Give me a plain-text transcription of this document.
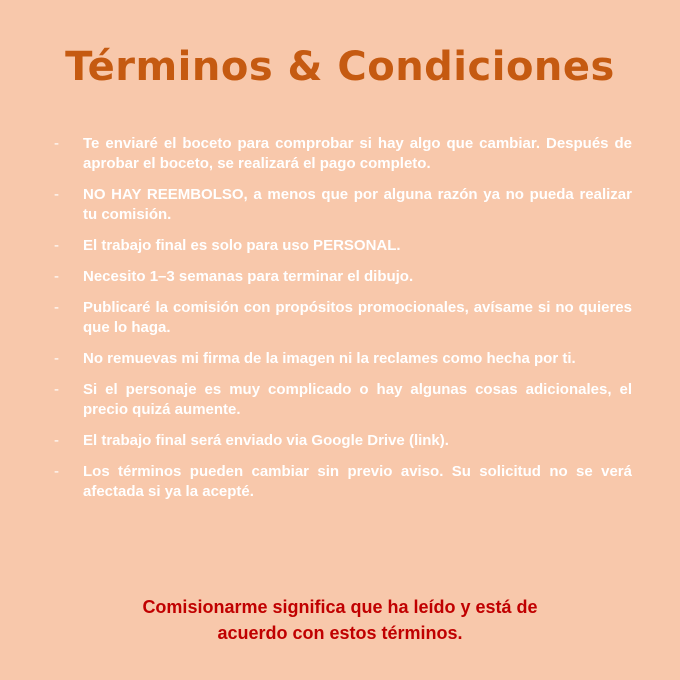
Términos & Condiciones
- Te enviaré el boceto para comprobar si hay algo que cambiar. Después de aprobar el boceto, se realizará el pago completo.
- NO HAY REEMBOLSO, a menos que por alguna razón ya no pueda realizar tu comisión.
- El trabajo final es solo para uso PERSONAL.
- Necesito 1–3 semanas para terminar el dibujo.
- Publicaré la comisión con propósitos promocionales, avísame si no quieres que lo haga.
- No remuevas mi firma de la imagen ni la reclames como hecha por ti.
- Si el personaje es muy complicado o hay algunas cosas adicionales, el precio quizá aumente.
- El trabajo final será enviado via Google Drive (link).
- Los términos pueden cambiar sin previo aviso. Su solicitud no se verá afectada si ya la acepté.

Comisionarme significa que ha leído y está de
acuerdo con estos términos.
